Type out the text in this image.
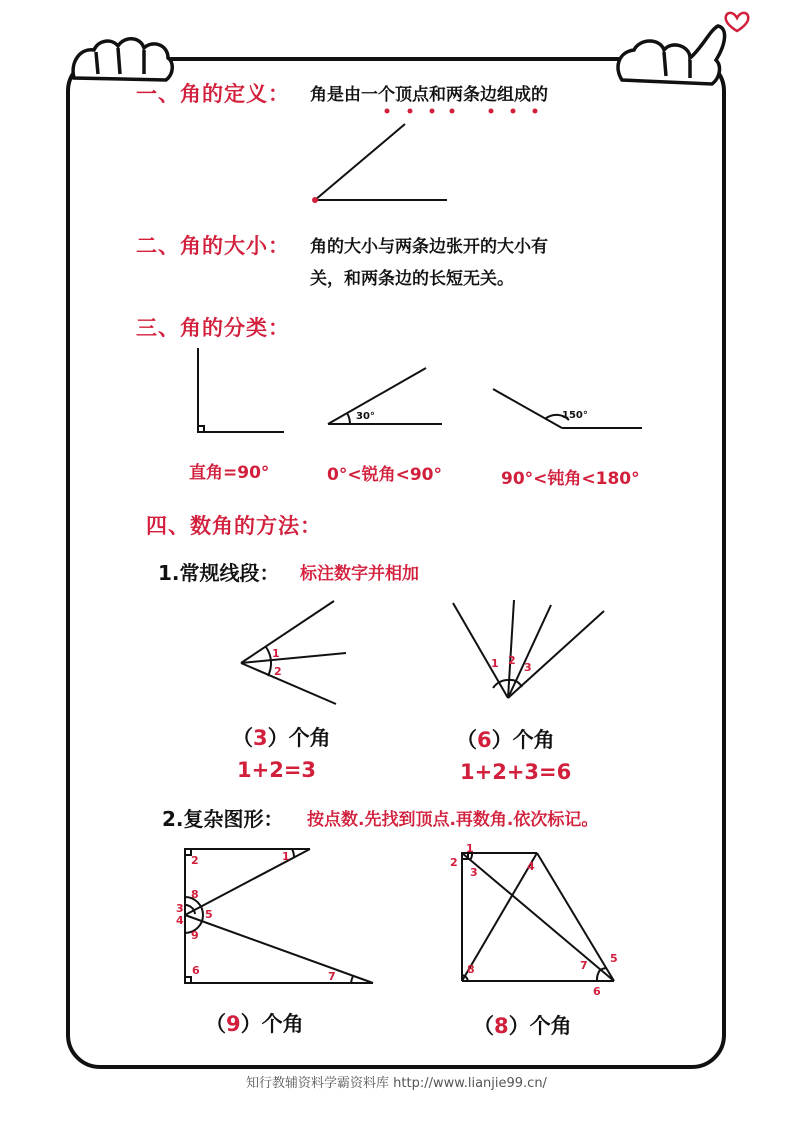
一、角的定义： 角是由一个顶点和两条边组成的
二、角的大小： 角的大小与两条边张开的大小有
关，和两条边的长短无关。
三、角的分类：
30°	150°
直角=90°	0°<锐角<90°	90°<钝角<180°
四、数角的方法：
1.常规线段： 标注数字并相加
1
2
1 2
3
（3）个角
1+2=3
（6）个角
1+2+3=6
2.复杂图形： 按点数.先找到顶点.再数角.依次标记。
1
2
3
4 5
6	7
8
9
1
2
3	4
5
6
7
8
（9）个角	（8）个角
知行教辅资料学霸资料库 http://www.lianjie99.cn/
